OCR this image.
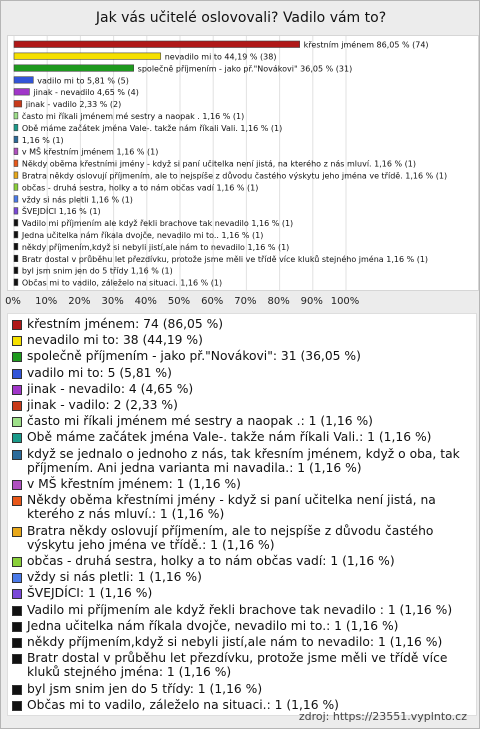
Jak vás učitelé oslovovali? Vadilo vám to?
křestním jménem 86,05 % (74)
nevadilo mi to 44,19 % (38)
společně příjmením - jako př."Novákovi" 36,05 % (31)
vadilo mi to 5,81 % (5)
jinak - nevadilo 4,65 % (4)
jinak - vadilo 2,33 % (2)
často mi říkali jménem mé sestry a naopak . 1,16 % (1)
Obě máme začátek jména Vale-. takže nám říkali Vali. 1,16 % (1)
1,16 % (1)
v MŠ křestním jménem 1,16 % (1)
Někdy oběma křestními jmény - když si paní učitelka není jistá, na kterého z nás mluví. 1,16 % (1)
Bratra někdy oslovují příjmením, ale to nejspíše z důvodu častého výskytu jeho jména ve třídě. 1,16 % (1)
občas - druhá sestra, holky a to nám občas vadí 1,16 % (1)
vždy si nás pletli 1,16 % (1)
ŠVEJDÍCI 1,16 % (1)
Vadilo mi příjmením ale když řekli brachove tak nevadilo 1,16 % (1)
Jedna učitelka nám říkala dvojče, nevadilo mi to.. 1,16 % (1)
někdy příjmením,když si nebyli jistí,ale nám to nevadilo 1,16 % (1)
Bratr dostal v průběhu let přezdívku, protože jsme měli ve třídě více kluků stejného jména 1,16 % (1)
byl jsm snim jen do 5 třídy 1,16 % (1)
Občas mi to vadilo, záleželo na situaci. 1,16 % (1)
0% 10% 20% 30% 40% 50% 60% 70% 80% 90% 100%
křestním jménem: 74 (86,05 %)
nevadilo mi to: 38 (44,19 %)
společně příjmením - jako př."Novákovi": 31 (36,05 %)
vadilo mi to: 5 (5,81 %)
jinak - nevadilo: 4 (4,65 %)
jinak - vadilo: 2 (2,33 %)
často mi říkali jménem mé sestry a naopak .: 1 (1,16 %)
Obě máme začátek jména Vale-. takže nám říkali Vali.: 1 (1,16 %)
když se jednalo o jednoho z nás, tak křesním jménem, když o oba, tak příjmením. Ani jedna varianta mi navadila.: 1 (1,16 %)
v MŠ křestním jménem: 1 (1,16 %)
Někdy oběma křestními jmény - když si paní učitelka není jistá, na kterého z nás mluví.: 1 (1,16 %)
Bratra někdy oslovují příjmením, ale to nejspíše z důvodu častého výskytu jeho jména ve třídě.: 1 (1,16 %)
občas - druhá sestra, holky a to nám občas vadí: 1 (1,16 %)
vždy si nás pletli: 1 (1,16 %)
ŠVEJDÍCI: 1 (1,16 %)
Vadilo mi příjmením ale když řekli brachove tak nevadilo : 1 (1,16 %)
Jedna učitelka nám říkala dvojče, nevadilo mi to.: 1 (1,16 %)
někdy příjmením,když si nebyli jistí,ale nám to nevadilo: 1 (1,16 %)
Bratr dostal v průběhu let přezdívku, protože jsme měli ve třídě více kluků stejného jména: 1 (1,16 %)
byl jsm snim jen do 5 třídy: 1 (1,16 %)
Občas mi to vadilo, záleželo na situaci.: 1 (1,16 %)
zdroj: https://23551.vyplnto.cz
